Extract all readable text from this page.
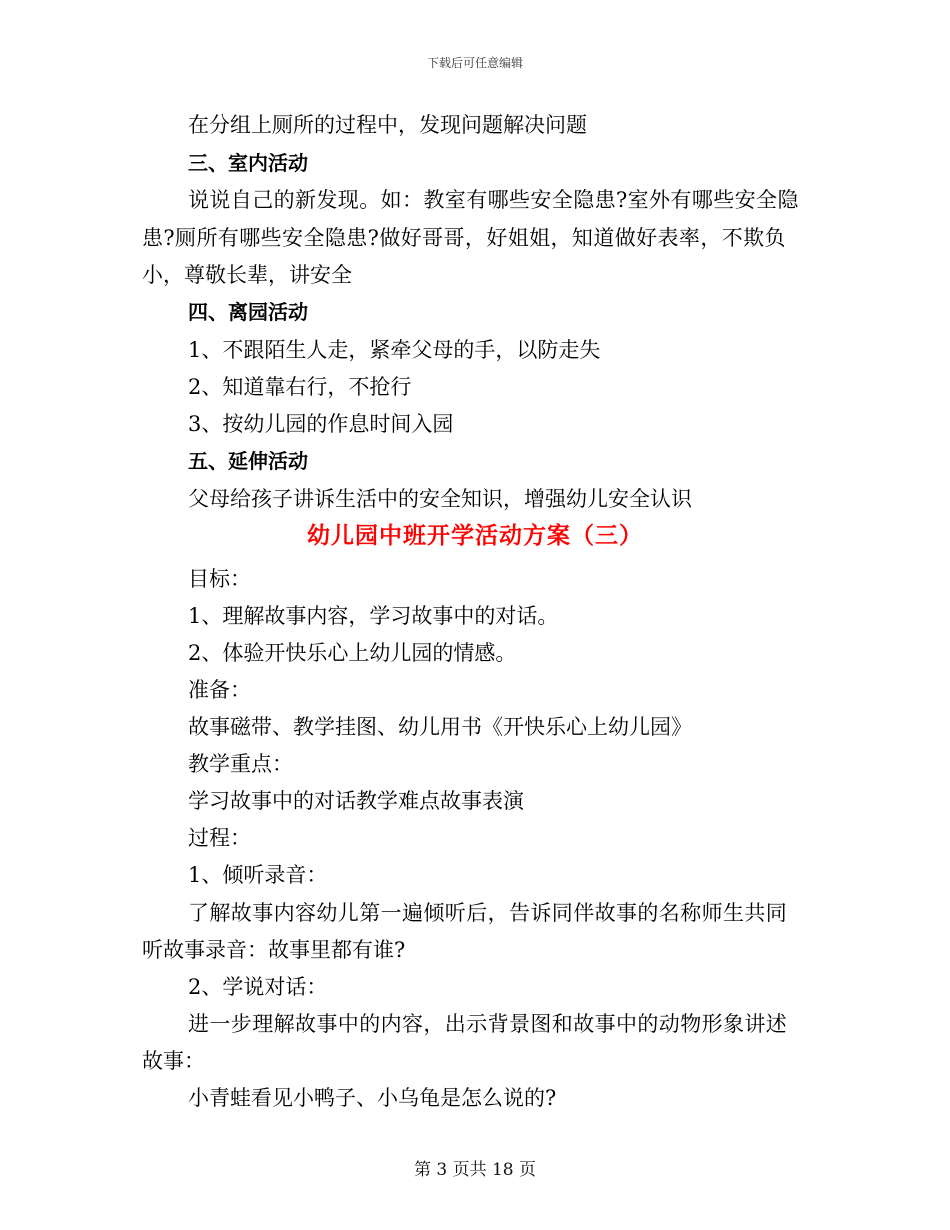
下载后可任意编辑
在分组上厕所的过程中，发现问题解决问题
三、室内活动
说说自己的新发现。如：教室有哪些安全隐患?室外有哪些安全隐
患?厕所有哪些安全隐患?做好哥哥，好姐姐，知道做好表率，不欺负
小，尊敬长辈，讲安全
四、离园活动
1、不跟陌生人走，紧牵父母的手，以防走失
2、知道靠右行，不抢行
3、按幼儿园的作息时间入园
五、延伸活动
父母给孩子讲诉生活中的安全知识，增强幼儿安全认识
幼儿园中班开学活动方案（三）
目标：
1、理解故事内容，学习故事中的对话。
2、体验开快乐心上幼儿园的情感。
准备：
故事磁带、教学挂图、幼儿用书《开快乐心上幼儿园》
教学重点：
学习故事中的对话教学难点故事表演
过程：
1、倾听录音：
了解故事内容幼儿第一遍倾听后，告诉同伴故事的名称师生共同
听故事录音：故事里都有谁?
2、学说对话：
进一步理解故事中的内容，出示背景图和故事中的动物形象讲述
故事：
小青蛙看见小鸭子、小乌龟是怎么说的?
第 3 页共 18 页
